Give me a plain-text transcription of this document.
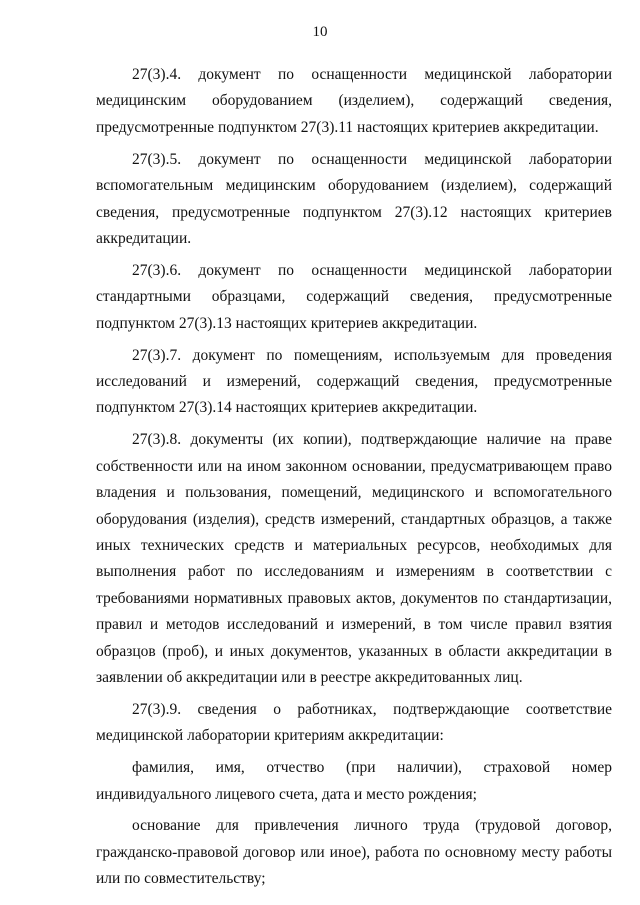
10

27(3).4. документ по оснащенности медицинской лаборатории медицинским оборудованием (изделием), содержащий сведения, предусмотренные подпунктом 27(3).11 настоящих критериев аккредитации.

27(3).5. документ по оснащенности медицинской лаборатории вспомогательным медицинским оборудованием (изделием), содержащий сведения, предусмотренные подпунктом 27(3).12 настоящих критериев аккредитации.

27(3).6. документ по оснащенности медицинской лаборатории стандартными образцами, содержащий сведения, предусмотренные подпунктом 27(3).13 настоящих критериев аккредитации.

27(3).7. документ по помещениям, используемым для проведения исследований и измерений, содержащий сведения, предусмотренные подпунктом 27(3).14 настоящих критериев аккредитации.

27(3).8. документы (их копии), подтверждающие наличие на праве собственности или на ином законном основании, предусматривающем право владения и пользования, помещений, медицинского и вспомогательного оборудования (изделия), средств измерений, стандартных образцов, а также иных технических средств и материальных ресурсов, необходимых для выполнения работ по исследованиям и измерениям в соответствии с требованиями нормативных правовых актов, документов по стандартизации, правил и методов исследований и измерений, в том числе правил взятия образцов (проб), и иных документов, указанных в области аккредитации в заявлении об аккредитации или в реестре аккредитованных лиц.

27(3).9. сведения о работниках, подтверждающие соответствие медицинской лаборатории критериям аккредитации:

фамилия, имя, отчество (при наличии), страховой номер индивидуального лицевого счета, дата и место рождения;

основание для привлечения личного труда (трудовой договор, гражданско-правовой договор или иное), работа по основному месту работы или по совместительству;
